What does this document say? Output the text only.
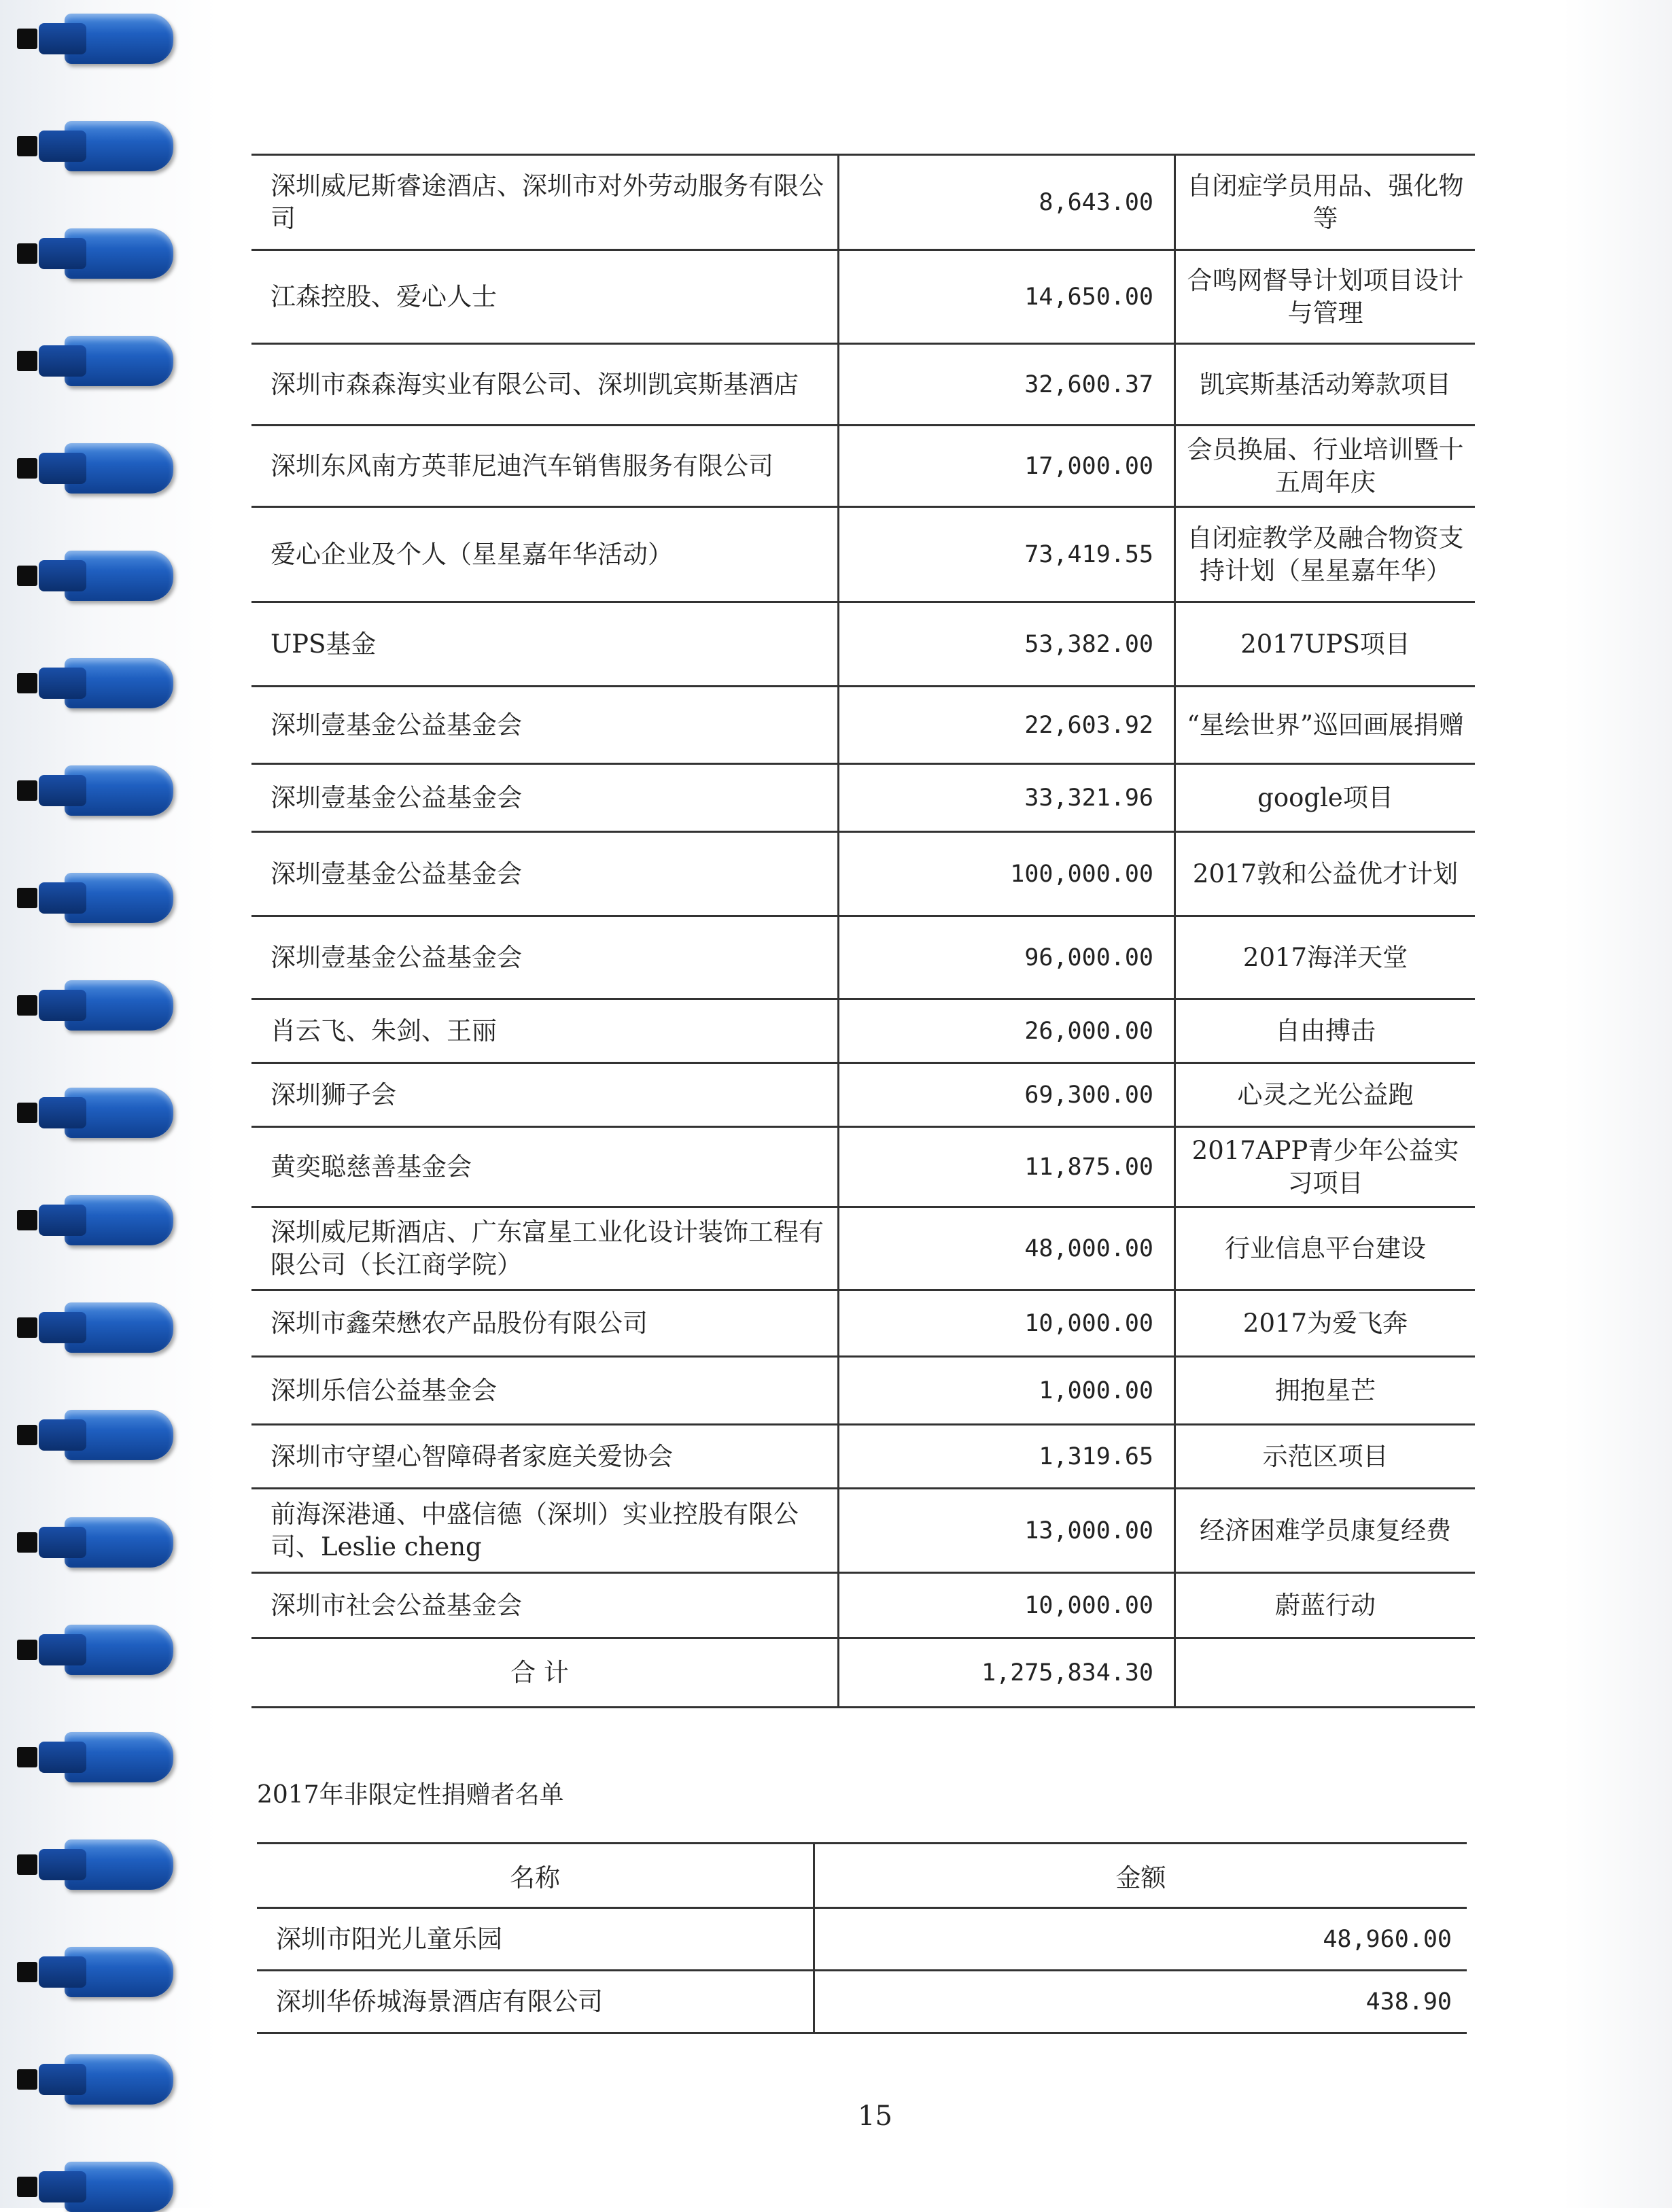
深圳威尼斯睿途酒店、深圳市对外劳动服务有限公司	8,643.00	自闭症学员用品、强化物等
江森控股、爱心人士	14,650.00	合鸣网督导计划项目设计与管理
深圳市森森海实业有限公司、深圳凯宾斯基酒店	32,600.37	凯宾斯基活动筹款项目
深圳东风南方英菲尼迪汽车销售服务有限公司	17,000.00	会员换届、行业培训暨十五周年庆
爱心企业及个人（星星嘉年华活动）	73,419.55	自闭症教学及融合物资支持计划（星星嘉年华）
UPS基金	53,382.00	2017UPS项目
深圳壹基金公益基金会	22,603.92	“星绘世界”巡回画展捐赠
深圳壹基金公益基金会	33,321.96	google项目
深圳壹基金公益基金会	100,000.00	2017敦和公益优才计划
深圳壹基金公益基金会	96,000.00	2017海洋天堂
肖云飞、朱剑、王丽	26,000.00	自由搏击
深圳狮子会	69,300.00	心灵之光公益跑
黄奕聪慈善基金会	11,875.00	2017APP青少年公益实习项目
深圳威尼斯酒店、广东富星工业化设计装饰工程有限公司（长江商学院）	48,000.00	行业信息平台建设
深圳市鑫荣懋农产品股份有限公司	10,000.00	2017为爱飞奔
深圳乐信公益基金会	1,000.00	拥抱星芒
深圳市守望心智障碍者家庭关爱协会	1,319.65	示范区项目
前海深港通、中盛信德（深圳）实业控股有限公司、Leslie cheng	13,000.00	经济困难学员康复经费
深圳市社会公益基金会	10,000.00	蔚蓝行动
合 计	1,275,834.30	
2017年非限定性捐赠者名单
名称	金额
深圳市阳光儿童乐园	48,960.00
深圳华侨城海景酒店有限公司	438.90
15
